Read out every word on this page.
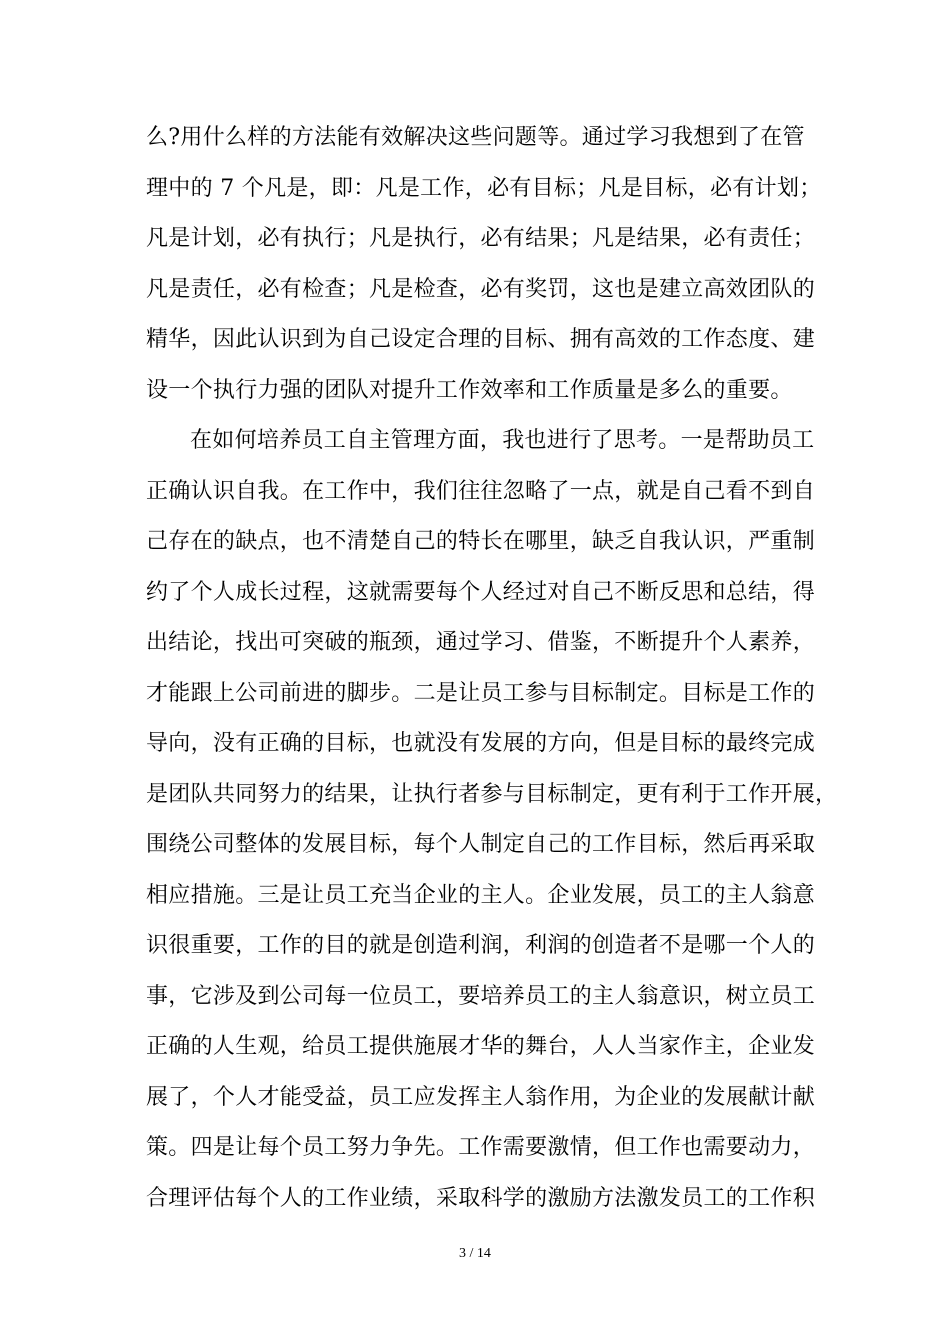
么?用什么样的方法能有效解决这些问题等。通过学习我想到了在管
理中的 7 个凡是，即：凡是工作，必有目标；凡是目标，必有计划；
凡是计划，必有执行；凡是执行，必有结果；凡是结果，必有责任；
凡是责任，必有检查；凡是检查，必有奖罚，这也是建立高效团队的
精华，因此认识到为自己设定合理的目标、拥有高效的工作态度、建
设一个执行力强的团队对提升工作效率和工作质量是多么的重要。
在如何培养员工自主管理方面，我也进行了思考。一是帮助员工
正确认识自我。在工作中，我们往往忽略了一点，就是自己看不到自
己存在的缺点，也不清楚自己的特长在哪里，缺乏自我认识，严重制
约了个人成长过程，这就需要每个人经过对自己不断反思和总结，得
出结论，找出可突破的瓶颈，通过学习、借鉴，不断提升个人素养，
才能跟上公司前进的脚步。二是让员工参与目标制定。目标是工作的
导向，没有正确的目标，也就没有发展的方向，但是目标的最终完成
是团队共同努力的结果，让执行者参与目标制定，更有利于工作开展，
围绕公司整体的发展目标，每个人制定自己的工作目标，然后再采取
相应措施。三是让员工充当企业的主人。企业发展，员工的主人翁意
识很重要，工作的目的就是创造利润，利润的创造者不是哪一个人的
事，它涉及到公司每一位员工，要培养员工的主人翁意识，树立员工
正确的人生观，给员工提供施展才华的舞台，人人当家作主，企业发
展了，个人才能受益，员工应发挥主人翁作用，为企业的发展献计献
策。四是让每个员工努力争先。工作需要激情，但工作也需要动力，
合理评估每个人的工作业绩，采取科学的激励方法激发员工的工作积
3 / 14
